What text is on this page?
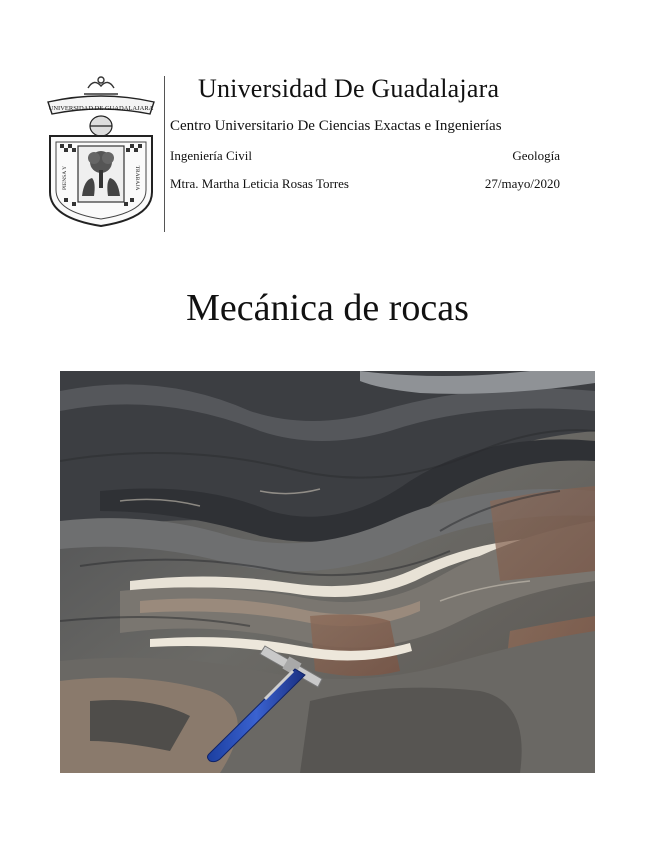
UNIVERSIDAD DE GUADALAJARA
PIENSA Y	TRABAJA
Universidad De Guadalajara
Centro Universitario De Ciencias Exactas e Ingenierías
Ingeniería Civil	Geología
Mtra. Martha Leticia Rosas Torres	27/mayo/2020
Mecánica de rocas
